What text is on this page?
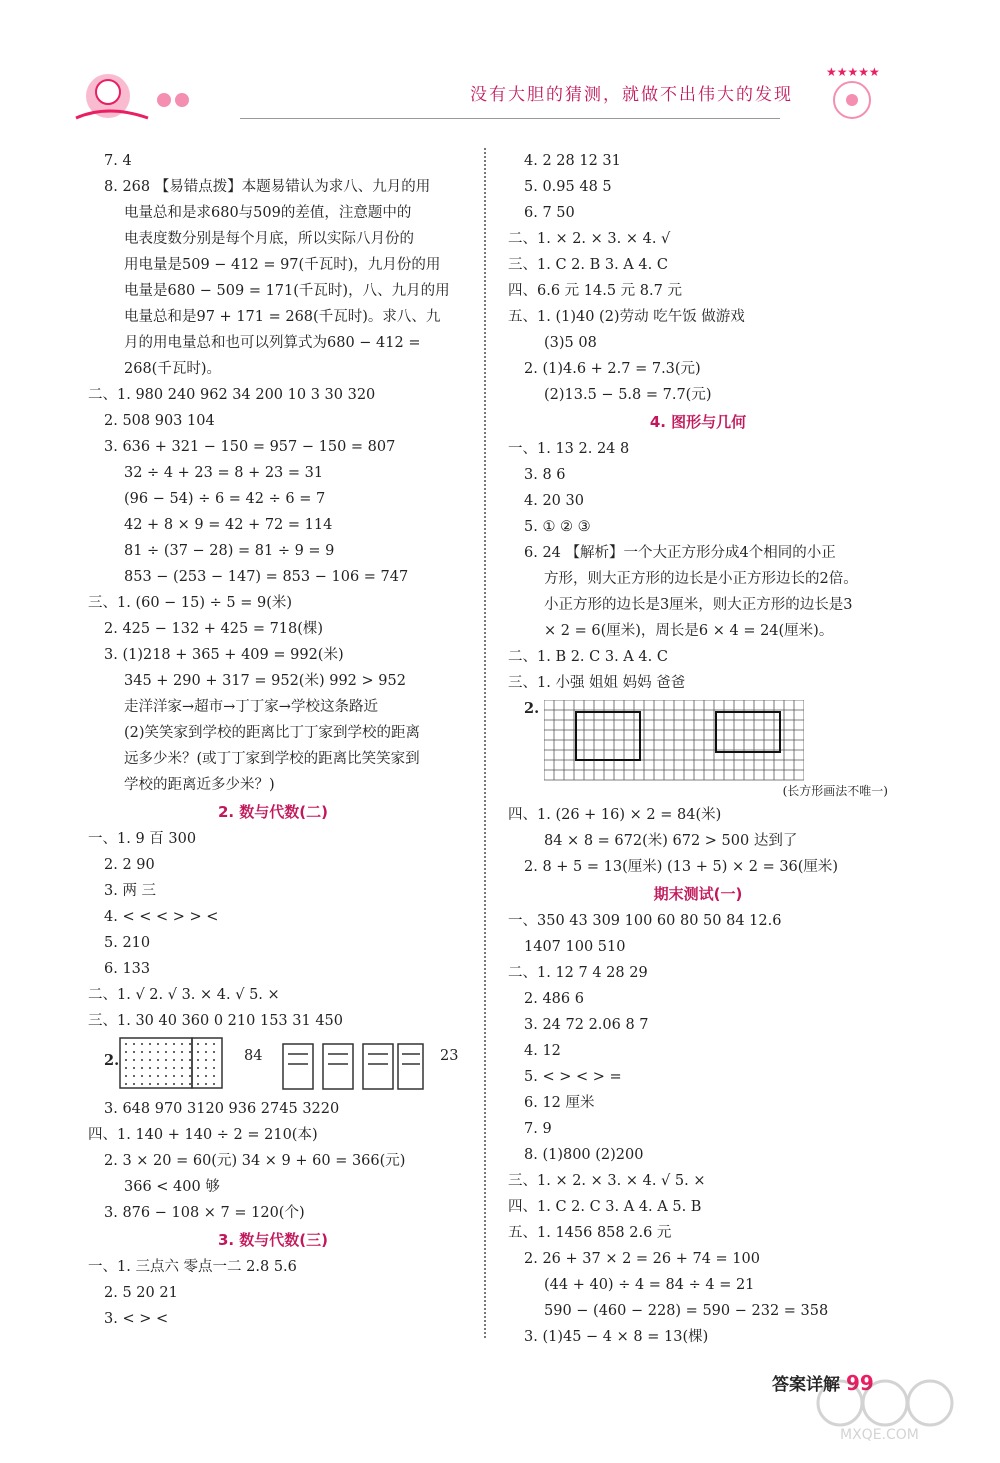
没有大胆的猜测，就做不出伟大的发现
★★★★★
7. 4
8. 268 【易错点拨】本题易错认为求八、九月的用
电量总和是求680与509的差值，注意题中的
电表度数分别是每个月底，所以实际八月份的
用电量是509 − 412 = 97(千瓦时)，九月份的用
电量是680 − 509 = 171(千瓦时)，八、九月的用
电量总和是97 + 171 = 268(千瓦时)。求八、九
月的用电量总和也可以列算式为680 − 412 =
268(千瓦时)。
二、1. 980 240 962 34 200 10 3 30 320
2. 508 903 104
3. 636 + 321 − 150 = 957 − 150 = 807
32 ÷ 4 + 23 = 8 + 23 = 31
(96 − 54) ÷ 6 = 42 ÷ 6 = 7
42 + 8 × 9 = 42 + 72 = 114
81 ÷ (37 − 28) = 81 ÷ 9 = 9
853 − (253 − 147) = 853 − 106 = 747
三、1. (60 − 15) ÷ 5 = 9(米)
2. 425 − 132 + 425 = 718(棵)
3. (1)218 + 365 + 409 = 992(米)
345 + 290 + 317 = 952(米) 992 > 952
走洋洋家→超市→丁丁家→学校这条路近
(2)笑笑家到学校的距离比丁丁家到学校的距离
远多少米？(或丁丁家到学校的距离比笑笑家到
学校的距离近多少米？)
2. 数与代数(二)
一、1. 9 百 300
2. 2 90
3. 两 三
4. < < < > > <
5. 210
6. 133
二、1. √ 2. √ 3. × 4. √ 5. ×
三、1. 30 40 360 0 210 153 31 450
2.	84	23
3. 648 970 3120 936 2745 3220
四、1. 140 + 140 ÷ 2 = 210(本)
2. 3 × 20 = 60(元) 34 × 9 + 60 = 366(元)
366 < 400 够
3. 876 − 108 × 7 = 120(个)
3. 数与代数(三)
一、1. 三点六 零点一二 2.8 5.6
2. 5 20 21
3. < > <
4. 2 28 12 31
5. 0.95 48 5
6. 7 50
二、1. × 2. × 3. × 4. √
三、1. C 2. B 3. A 4. C
四、6.6 元 14.5 元 8.7 元
五、1. (1)40 (2)劳动 吃午饭 做游戏
(3)5 08
2. (1)4.6 + 2.7 = 7.3(元)
(2)13.5 − 5.8 = 7.7(元)
4. 图形与几何
一、1. 13 2. 24 8
3. 8 6
4. 20 30
5. ① ② ③
6. 24 【解析】一个大正方形分成4个相同的小正
方形，则大正方形的边长是小正方形边长的2倍。
小正方形的边长是3厘米，则大正方形的边长是3
× 2 = 6(厘米)，周长是6 × 4 = 24(厘米)。
二、1. B 2. C 3. A 4. C
三、1. 小强 姐姐 妈妈 爸爸
2.
(长方形画法不唯一)
四、1. (26 + 16) × 2 = 84(米)
84 × 8 = 672(米) 672 > 500 达到了
2. 8 + 5 = 13(厘米) (13 + 5) × 2 = 36(厘米)
期末测试(一)
一、350 43 309 100 60 80 50 84 12.6
1407 100 510
二、1. 12 7 4 28 29
2. 486 6
3. 24 72 2.06 8 7
4. 12
5. < > < > =
6. 12 厘米
7. 9
8. (1)800 (2)200
三、1. × 2. × 3. × 4. √ 5. ×
四、1. C 2. C 3. A 4. A 5. B
五、1. 1456 858 2.6 元
2. 26 + 37 × 2 = 26 + 74 = 100
(44 + 40) ÷ 4 = 84 ÷ 4 = 21
590 − (460 − 228) = 590 − 232 = 358
3. (1)45 − 4 × 8 = 13(棵)
答案详解 99
MXQE.COM
